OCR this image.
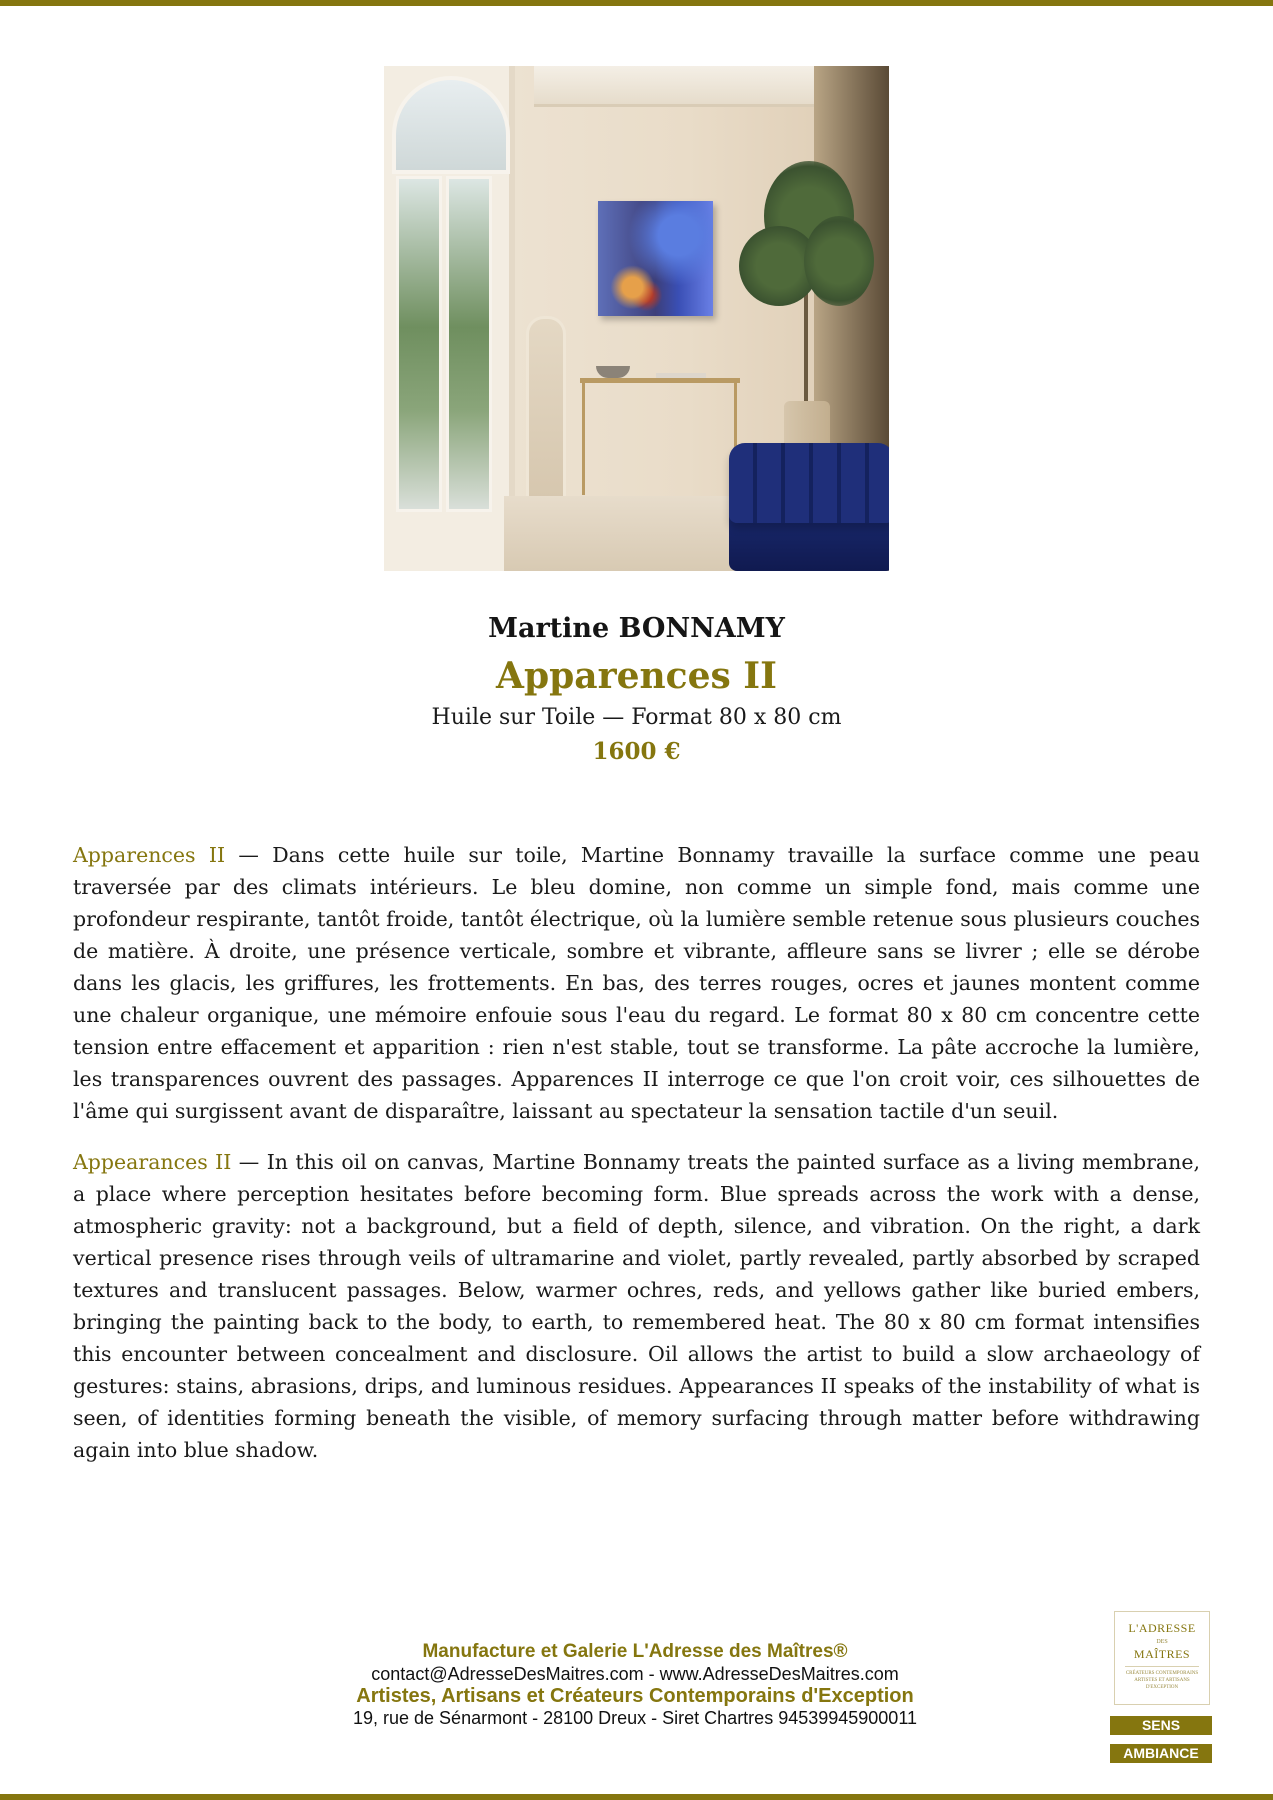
Martine BONNAMY
Apparences II
Huile sur Toile — Format 80 x 80 cm
1600 €

Apparences II — Dans cette huile sur toile, Martine Bonnamy travaille la surface comme une peau traversée par des climats intérieurs. Le bleu domine, non comme un simple fond, mais comme une profondeur respirante, tantôt froide, tantôt électrique, où la lumière semble retenue sous plusieurs couches de matière. À droite, une présence verticale, sombre et vibrante, affleure sans se livrer ; elle se dérobe dans les glacis, les griffures, les frottements. En bas, des terres rouges, ocres et jaunes montent comme une chaleur organique, une mémoire enfouie sous l'eau du regard. Le format 80 x 80 cm concentre cette tension entre effacement et apparition : rien n'est stable, tout se transforme. La pâte accroche la lumière, les transparences ouvrent des passages. Apparences II interroge ce que l'on croit voir, ces silhouettes de l'âme qui surgissent avant de disparaître, laissant au spectateur la sensation tactile d'un seuil.

Appearances II — In this oil on canvas, Martine Bonnamy treats the painted surface as a living membrane, a place where perception hesitates before becoming form. Blue spreads across the work with a dense, atmospheric gravity: not a background, but a field of depth, silence, and vibration. On the right, a dark vertical presence rises through veils of ultramarine and violet, partly revealed, partly absorbed by scraped textures and translucent passages. Below, warmer ochres, reds, and yellows gather like buried embers, bringing the painting back to the body, to earth, to remembered heat. The 80 x 80 cm format intensifies this encounter between concealment and disclosure. Oil allows the artist to build a slow archaeology of gestures: stains, abrasions, drips, and luminous residues. Appearances II speaks of the instability of what is seen, of identities forming beneath the visible, of memory surfacing through matter before withdrawing again into blue shadow.

Manufacture et Galerie L'Adresse des Maîtres®
contact@AdresseDesMaitres.com - www.AdresseDesMaitres.com
Artistes, Artisans et Créateurs Contemporains d'Exception
19, rue de Sénarmont - 28100 Dreux - Siret Chartres 94539945900011
L'ADRESSE
DES
MAÎTRES
CRÉATEURS CONTEMPORAINS ARTISTES ET ARTISANS D'EXCEPTION
SENS
AMBIANCE
